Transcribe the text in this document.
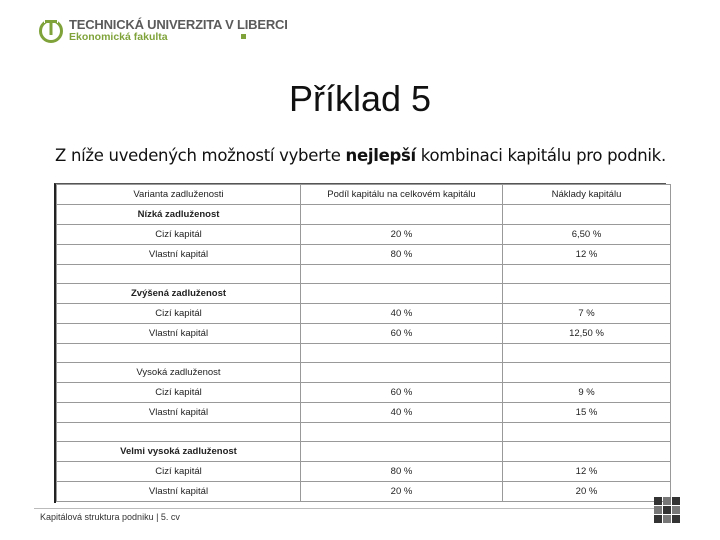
TECHNICKÁ UNIVERZITA V LIBERCI
Ekonomická fakulta
Příklad 5
Z níže uvedených možností vyberte nejlepší kombinaci kapitálu pro podnik.
Varianta zadluženosti	Podíl kapitálu na celkovém kapitálu	Náklady kapitálu
Nízká zadluženost		
Cizí kapitál	20 %	6,50 %
Vlastní kapitál	80 %	12 %

Zvýšená zadluženost		
Cizí kapitál	40 %	7 %
Vlastní kapitál	60 %	12,50 %

Vysoká zadluženost		
Cizí kapitál	60 %	9 %
Vlastní kapitál	40 %	15 %

Velmi vysoká zadluženost		
Cizí kapitál	80 %	12 %
Vlastní kapitál	20 %	20 %
Kapitálová struktura podniku | 5. cv
